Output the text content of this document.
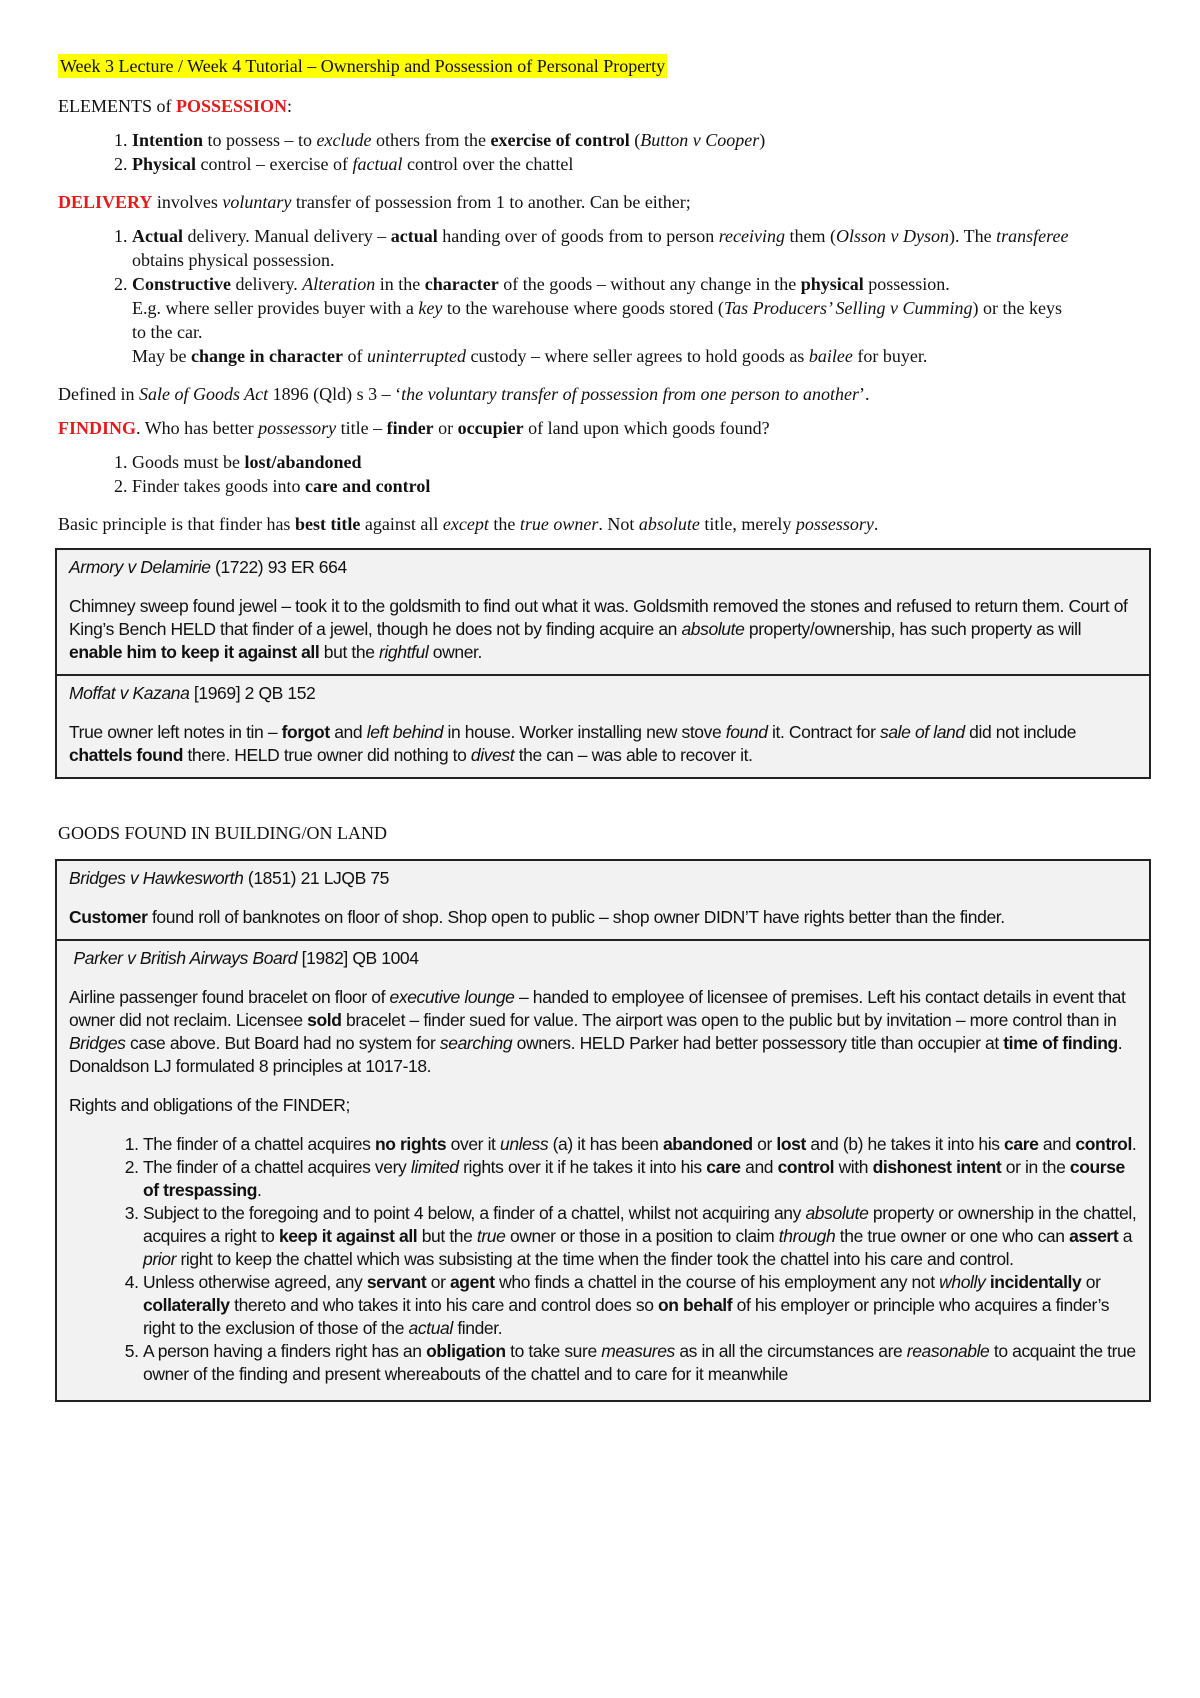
Week 3 Lecture / Week 4 Tutorial – Ownership and Possession of Personal Property

ELEMENTS of POSSESSION:

1. Intention to possess – to exclude others from the exercise of control (Button v Cooper)
2. Physical control – exercise of factual control over the chattel

DELIVERY involves voluntary transfer of possession from 1 to another. Can be either;

1. Actual delivery. Manual delivery – actual handing over of goods from to person receiving them (Olsson v Dyson). The transferee obtains physical possession.
2. Constructive delivery. Alteration in the character of the goods – without any change in the physical possession.
E.g. where seller provides buyer with a key to the warehouse where goods stored (Tas Producers’ Selling v Cumming) or the keys to the car.
May be change in character of uninterrupted custody – where seller agrees to hold goods as bailee for buyer.

Defined in Sale of Goods Act 1896 (Qld) s 3 – ‘the voluntary transfer of possession from one person to another’.

FINDING. Who has better possessory title – finder or occupier of land upon which goods found?

1. Goods must be lost/abandoned
2. Finder takes goods into care and control

Basic principle is that finder has best title against all except the true owner. Not absolute title, merely possessory.

Armory v Delamirie (1722) 93 ER 664

Chimney sweep found jewel – took it to the goldsmith to find out what it was. Goldsmith removed the stones and refused to return them. Court of King’s Bench HELD that finder of a jewel, though he does not by finding acquire an absolute property/ownership, has such property as will enable him to keep it against all but the rightful owner.

Moffat v Kazana [1969] 2 QB 152

True owner left notes in tin – forgot and left behind in house. Worker installing new stove found it. Contract for sale of land did not include chattels found there. HELD true owner did nothing to divest the can – was able to recover it.

GOODS FOUND IN BUILDING/ON LAND

Bridges v Hawkesworth (1851) 21 LJQB 75

Customer found roll of banknotes on floor of shop. Shop open to public – shop owner DIDN’T have rights better than the finder.

Parker v British Airways Board [1982] QB 1004

Airline passenger found bracelet on floor of executive lounge – handed to employee of licensee of premises. Left his contact details in event that owner did not reclaim. Licensee sold bracelet – finder sued for value. The airport was open to the public but by invitation – more control than in Bridges case above. But Board had no system for searching owners. HELD Parker had better possessory title than occupier at time of finding. Donaldson LJ formulated 8 principles at 1017-18.

Rights and obligations of the FINDER;

1. The finder of a chattel acquires no rights over it unless (a) it has been abandoned or lost and (b) he takes it into his care and control.
2. The finder of a chattel acquires very limited rights over it if he takes it into his care and control with dishonest intent or in the course of trespassing.
3. Subject to the foregoing and to point 4 below, a finder of a chattel, whilst not acquiring any absolute property or ownership in the chattel, acquires a right to keep it against all but the true owner or those in a position to claim through the true owner or one who can assert a prior right to keep the chattel which was subsisting at the time when the finder took the chattel into his care and control.
4. Unless otherwise agreed, any servant or agent who finds a chattel in the course of his employment any not wholly incidentally or collaterally thereto and who takes it into his care and control does so on behalf of his employer or principle who acquires a finder’s right to the exclusion of those of the actual finder.
5. A person having a finders right has an obligation to take sure measures as in all the circumstances are reasonable to acquaint the true owner of the finding and present whereabouts of the chattel and to care for it meanwhile
